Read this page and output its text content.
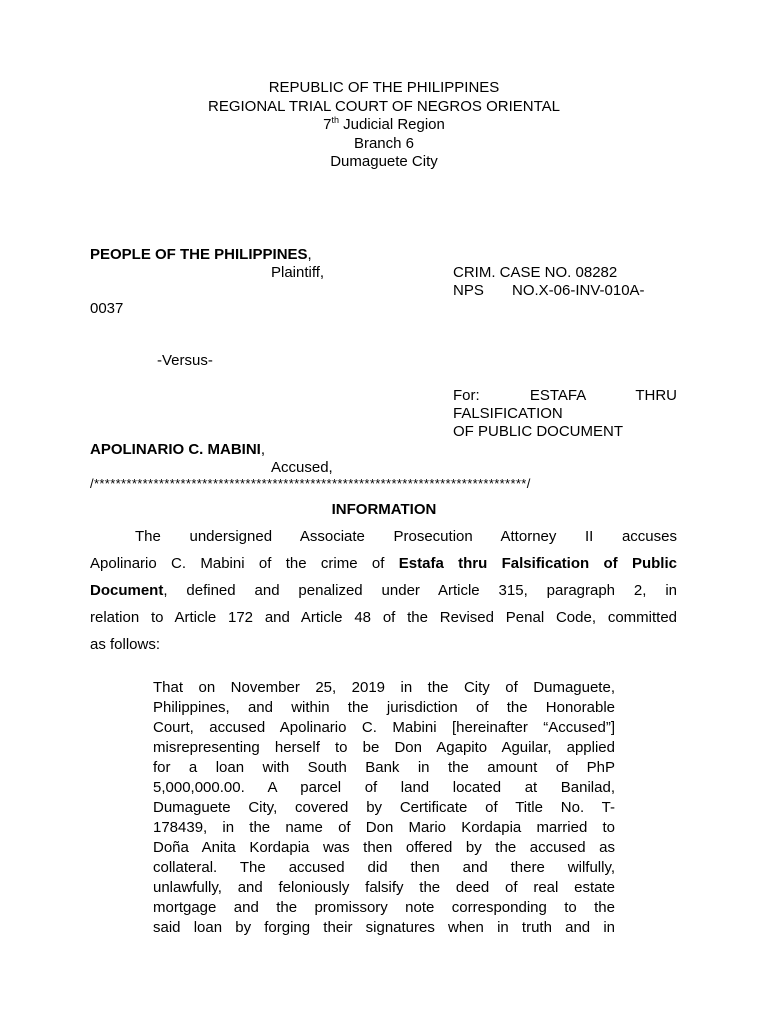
REPUBLIC OF THE PHILIPPINES
REGIONAL TRIAL COURT OF NEGROS ORIENTAL
7th Judicial Region
Branch 6
Dumaguete City
PEOPLE OF THE PHILIPPINES,
Plaintiff,	CRIM. CASE NO. 08282
NPS NO.X-06-INV-010A-
0037
-Versus-
For:	ESTAFA	THRU
FALSIFICATION
OF PUBLIC DOCUMENT
APOLINARIO C. MABINI,
Accused,
/********************************************************************************/
INFORMATION
The undersigned Associate Prosecution Attorney II accuses
Apolinario C. Mabini of the crime of Estafa thru Falsification of Public
Document, defined and penalized under Article 315, paragraph 2, in
relation to Article 172 and Article 48 of the Revised Penal Code, committed
as follows:
That on November 25, 2019 in the City of Dumaguete,
Philippines, and within the jurisdiction of the Honorable
Court, accused Apolinario C. Mabini [hereinafter “Accused”]
misrepresenting herself to be Don Agapito Aguilar, applied
for a loan with South Bank in the amount of PhP
5,000,000.00. A parcel of land located at Banilad,
Dumaguete City, covered by Certificate of Title No. T-
178439, in the name of Don Mario Kordapia married to
Doña Anita Kordapia was then offered by the accused as
collateral. The accused did then and there wilfully,
unlawfully, and feloniously falsify the deed of real estate
mortgage and the promissory note corresponding to the
said loan by forging their signatures when in truth and in
